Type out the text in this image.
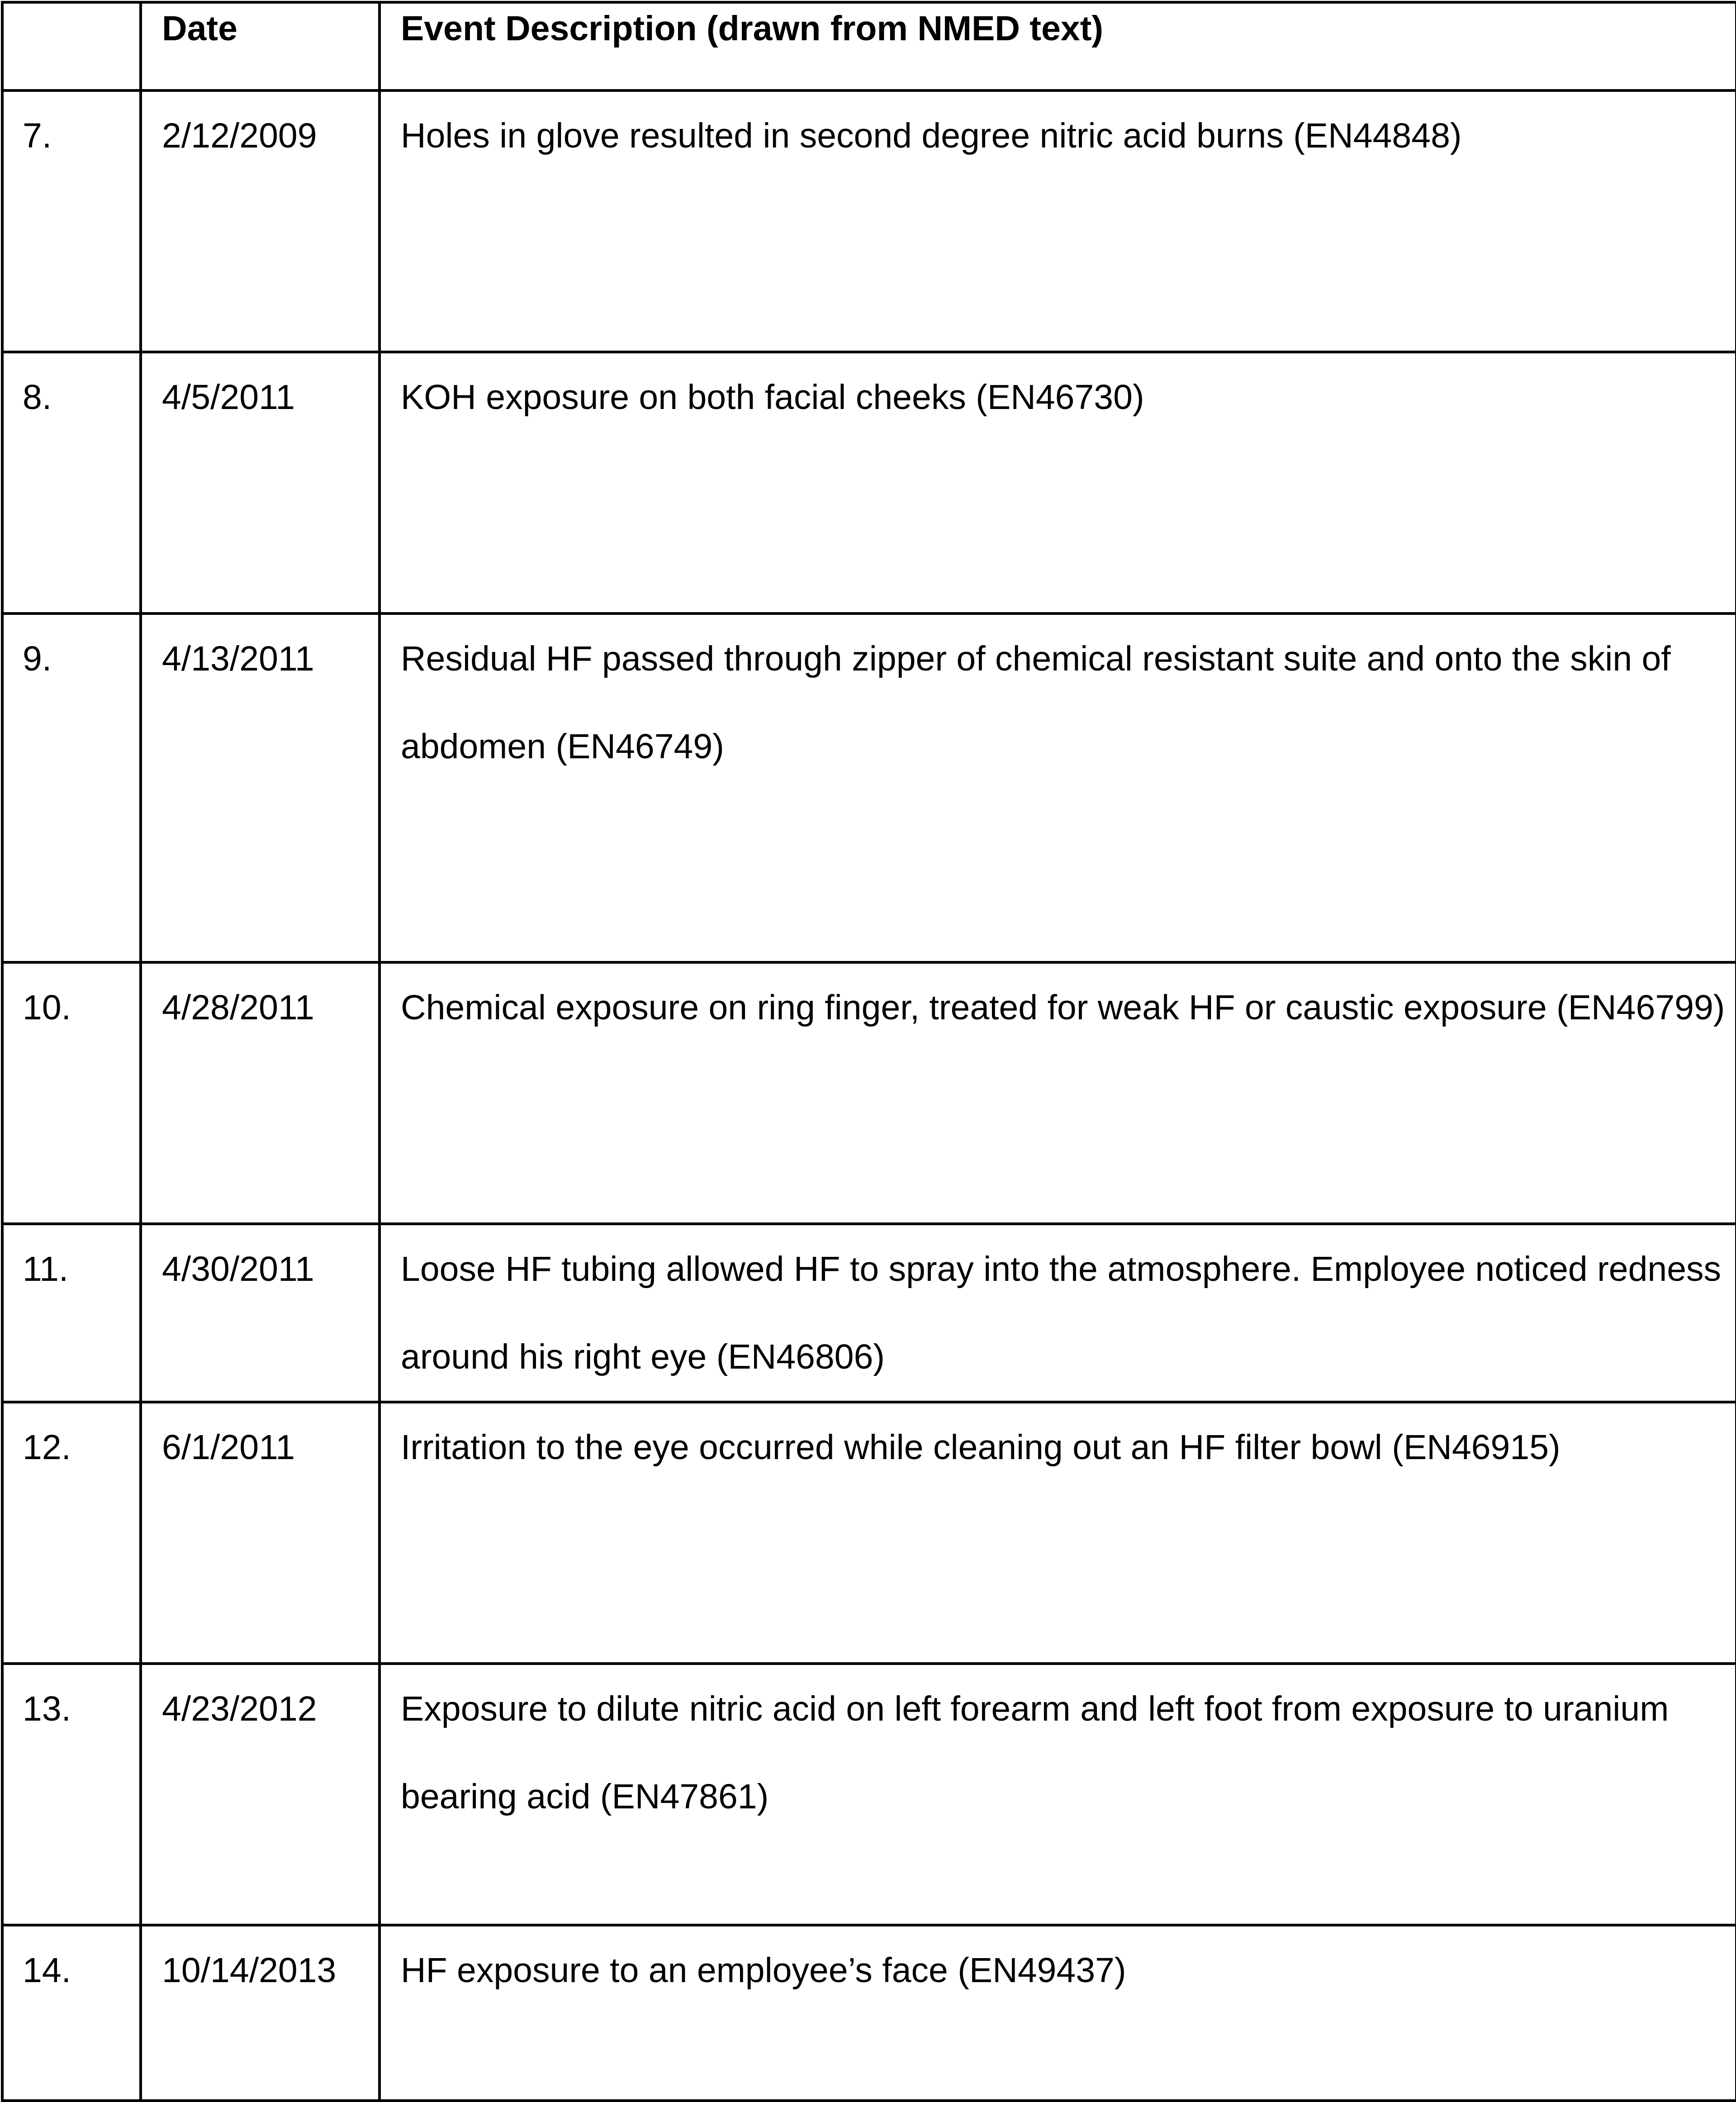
	Date	Event Description (drawn from NMED text)
7.	2/12/2009	Holes in glove resulted in second degree nitric acid burns (EN44848)
8.	4/5/2011	KOH exposure on both facial cheeks (EN46730)
9.	4/13/2011	Residual HF passed through zipper of chemical resistant suite and onto the skin of abdomen (EN46749)
10.	4/28/2011	Chemical exposure on ring finger, treated for weak HF or caustic exposure (EN46799)
11.	4/30/2011	Loose HF tubing allowed HF to spray into the atmosphere. Employee noticed redness around his right eye (EN46806)
12.	6/1/2011	Irritation to the eye occurred while cleaning out an HF filter bowl (EN46915)
13.	4/23/2012	Exposure to dilute nitric acid on left forearm and left foot from exposure to uranium bearing acid (EN47861)
14.	10/14/2013	HF exposure to an employee’s face (EN49437)
